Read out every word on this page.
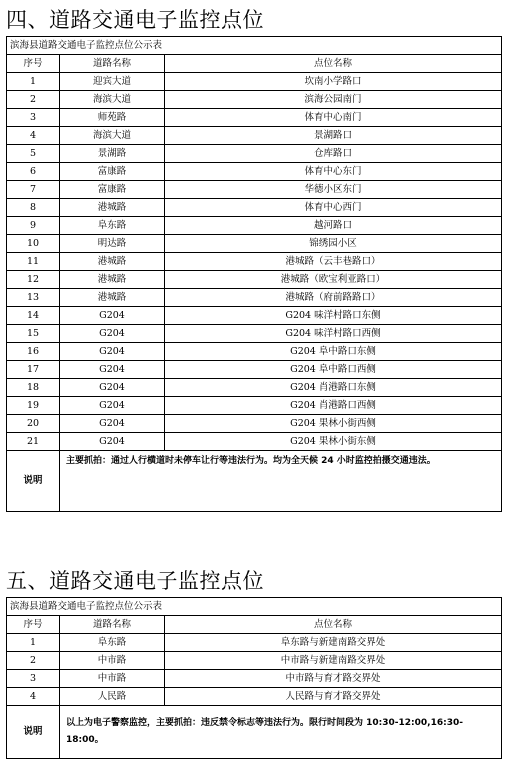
四、道路交通电子监控点位
滨海县道路交通电子监控点位公示表		
序号	道路名称	点位名称
1	迎宾大道	坎南小学路口
2	海滨大道	滨海公园南门
3	师苑路	体育中心南门
4	海滨大道	景湖路口
5	景湖路	仓库路口
6	富康路	体育中心东门
7	富康路	华德小区东门
8	港城路	体育中心西门
9	阜东路	越河路口
10	明达路	锦绣园小区
11	港城路	港城路（云丰巷路口）
12	港城路	港城路（欧宝利亚路口）
13	港城路	港城路（府前路路口）
14	G204	G204 味洋村路口东侧
15	G204	G204 味洋村路口西侧
16	G204	G204 阜中路口东侧
17	G204	G204 阜中路口西侧
18	G204	G204 肖港路口东侧
19	G204	G204 肖港路口西侧
20	G204	G204 果林小街西侧
21	G204	G204 果林小街东侧
说明	主要抓拍：通过人行横道时未停车让行等违法行为。均为全天候 24 小时监控拍摄交通违法。	
五、道路交通电子监控点位
滨海县道路交通电子监控点位公示表		
序号	道路名称	点位名称
1	阜东路	阜东路与新建南路交界处
2	中市路	中市路与新建南路交界处
3	中市路	中市路与育才路交界处
4	人民路	人民路与育才路交界处
说明	以上为电子警察监控，主要抓拍：违反禁令标志等违法行为。限行时间段为 10:30-12:00,16:30-18:00。	
